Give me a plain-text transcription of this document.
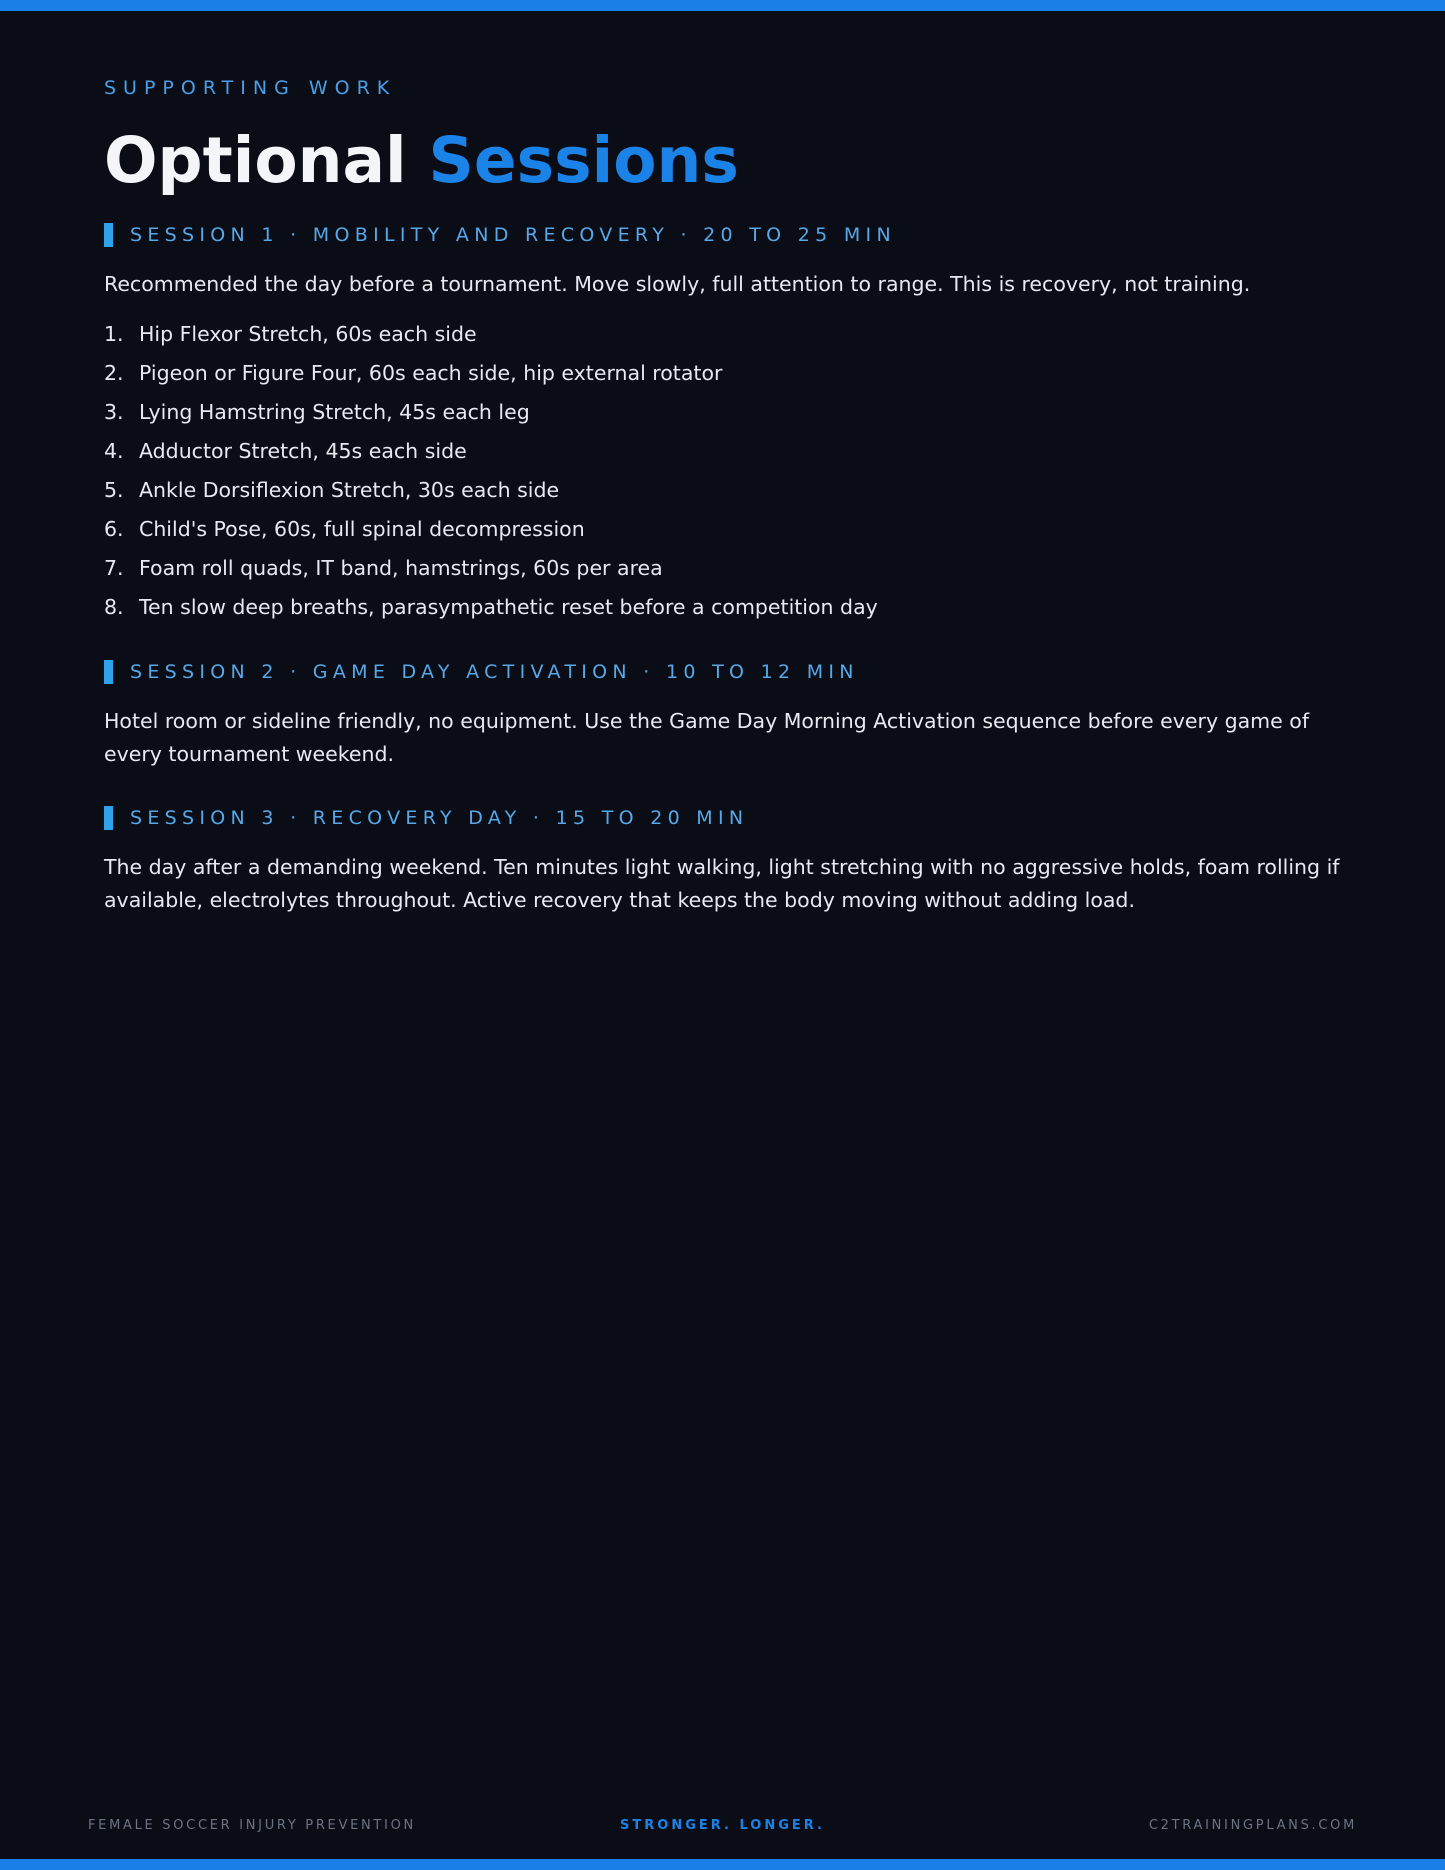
SUPPORTING WORK

Optional Sessions
SESSION 1 · MOBILITY AND RECOVERY · 20 TO 25 MIN

Recommended the day before a tournament. Move slowly, full attention to range. This is recovery, not training.

1. Hip Flexor Stretch, 60s each side
2. Pigeon or Figure Four, 60s each side, hip external rotator
3. Lying Hamstring Stretch, 45s each leg
4. Adductor Stretch, 45s each side
5. Ankle Dorsiflexion Stretch, 30s each side
6. Child's Pose, 60s, full spinal decompression
7. Foam roll quads, IT band, hamstrings, 60s per area
8. Ten slow deep breaths, parasympathetic reset before a competition day
SESSION 2 · GAME DAY ACTIVATION · 10 TO 12 MIN

Hotel room or sideline friendly, no equipment. Use the Game Day Morning Activation sequence before every game of every tournament weekend.

SESSION 3 · RECOVERY DAY · 15 TO 20 MIN

The day after a demanding weekend. Ten minutes light walking, light stretching with no aggressive holds, foam rolling if available, electrolytes throughout. Active recovery that keeps the body moving without adding load.

FEMALE SOCCER INJURY PREVENTION	STRONGER. LONGER.	C2TRAININGPLANS.COM
